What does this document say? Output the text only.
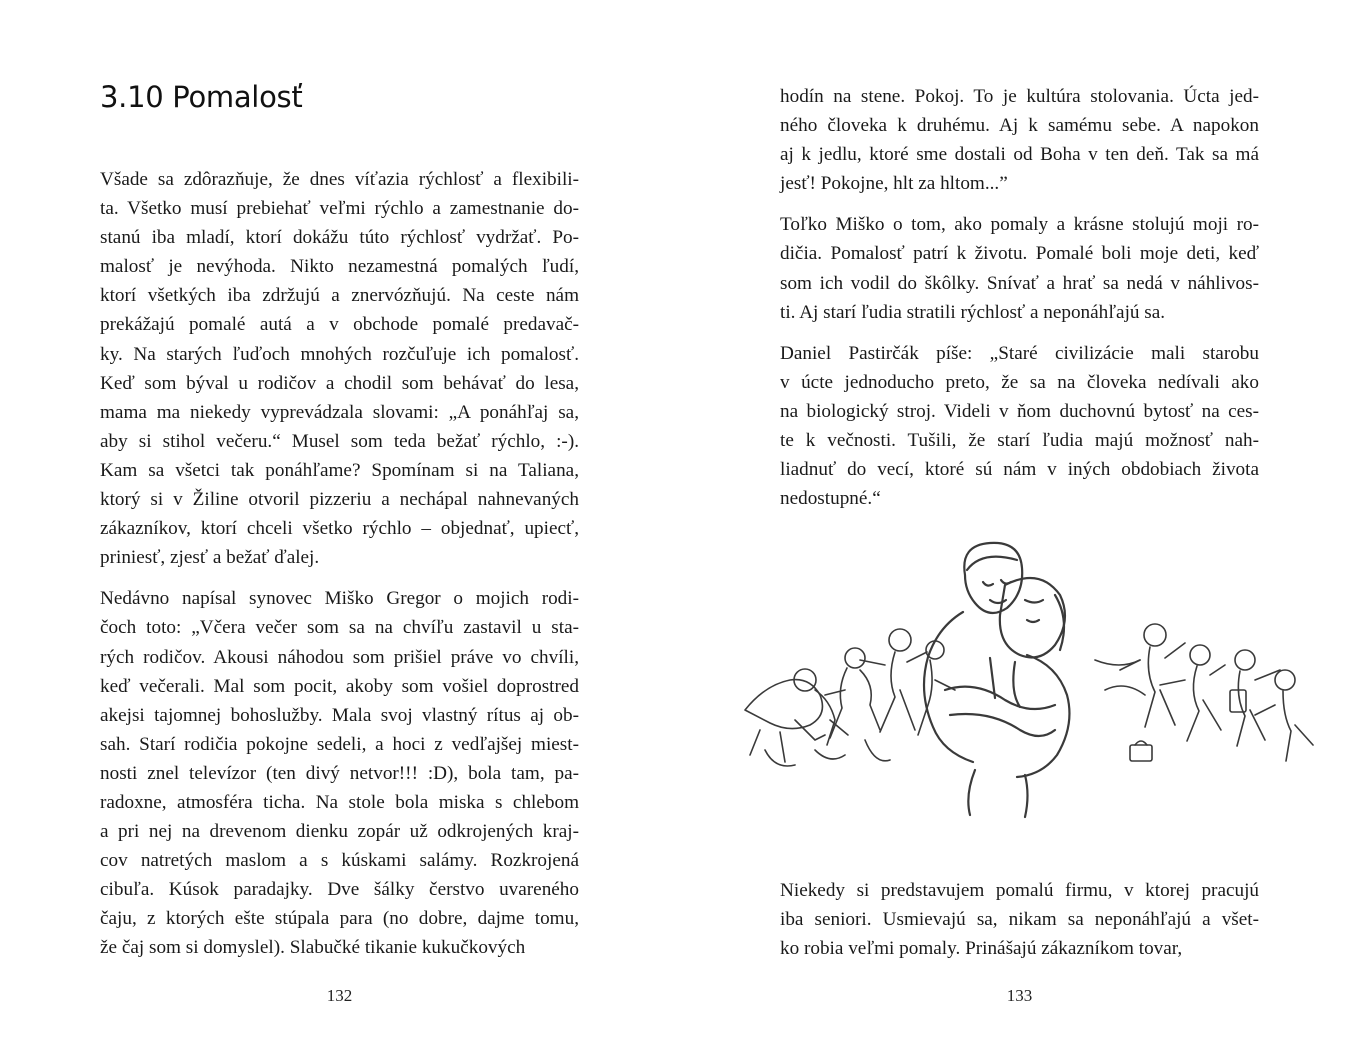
3.10 Pomalosť

Všade sa zdôrazňuje, že dnes víťazia rýchlosť a flexibili-
ta. Všetko musí prebiehať veľmi rýchlo a zamestnanie do-
stanú iba mladí, ktorí dokážu túto rýchlosť vydržať. Po-
malosť je nevýhoda. Nikto nezamestná pomalých ľudí,
ktorí všetkých iba zdržujú a znervózňujú. Na ceste nám
prekážajú pomalé autá a v obchode pomalé predavač-
ky. Na starých ľuďoch mnohých rozčuľuje ich pomalosť.
Keď som býval u rodičov a chodil som behávať do lesa,
mama ma niekedy vyprevádzala slovami: „A ponáhľaj sa,
aby si stihol večeru.“ Musel som teda bežať rýchlo, :-).
Kam sa všetci tak ponáhľame? Spomínam si na Taliana,
ktorý si v Žiline otvoril pizzeriu a nechápal nahnevaných
zákazníkov, ktorí chceli všetko rýchlo – objednať, upiecť,
priniesť, zjesť a bežať ďalej.

Nedávno napísal synovec Miško Gregor o mojich rodi-
čoch toto: „Včera večer som sa na chvíľu zastavil u sta-
rých rodičov. Akousi náhodou som prišiel práve vo chvíli,
keď večerali. Mal som pocit, akoby som vošiel doprostred
akejsi tajomnej bohoslužby. Mala svoj vlastný rítus aj ob-
sah. Starí rodičia pokojne sedeli, a hoci z vedľajšej miest-
nosti znel televízor (ten divý netvor!!! :D), bola tam, pa-
radoxne, atmosféra ticha. Na stole bola miska s chlebom
a pri nej na drevenom dienku zopár už odkrojených kraj-
cov natretých maslom a s kúskami salámy. Rozkrojená
cibuľa. Kúsok paradajky. Dve šálky čerstvo uvareného
čaju, z ktorých ešte stúpala para (no dobre, dajme tomu,
že čaj som si domyslel). Slabučké tikanie kukučkových

132

hodín na stene. Pokoj. To je kultúra stolovania. Úcta jed-
ného človeka k druhému. Aj k samému sebe. A napokon
aj k jedlu, ktoré sme dostali od Boha v ten deň. Tak sa má
jesť! Pokojne, hlt za hltom...”

Toľko Miško o tom, ako pomaly a krásne stolujú moji ro-
dičia. Pomalosť patrí k životu. Pomalé boli moje deti, keď
som ich vodil do škôlky. Snívať a hrať sa nedá v náhlivos-
ti. Aj starí ľudia stratili rýchlosť a neponáhľajú sa.

Daniel Pastirčák píše: „Staré civilizácie mali starobu
v úcte jednoducho preto, že sa na človeka nedívali ako
na biologický stroj. Videli v ňom duchovnú bytosť na ces-
te k večnosti. Tušili, že starí ľudia majú možnosť nah-
liadnuť do vecí, ktoré sú nám v iných obdobiach života
nedostupné.“

Niekedy si predstavujem pomalú firmu, v ktorej pracujú
iba seniori. Usmievajú sa, nikam sa neponáhľajú a všet-
ko robia veľmi pomaly. Prinášajú zákazníkom tovar,

133
